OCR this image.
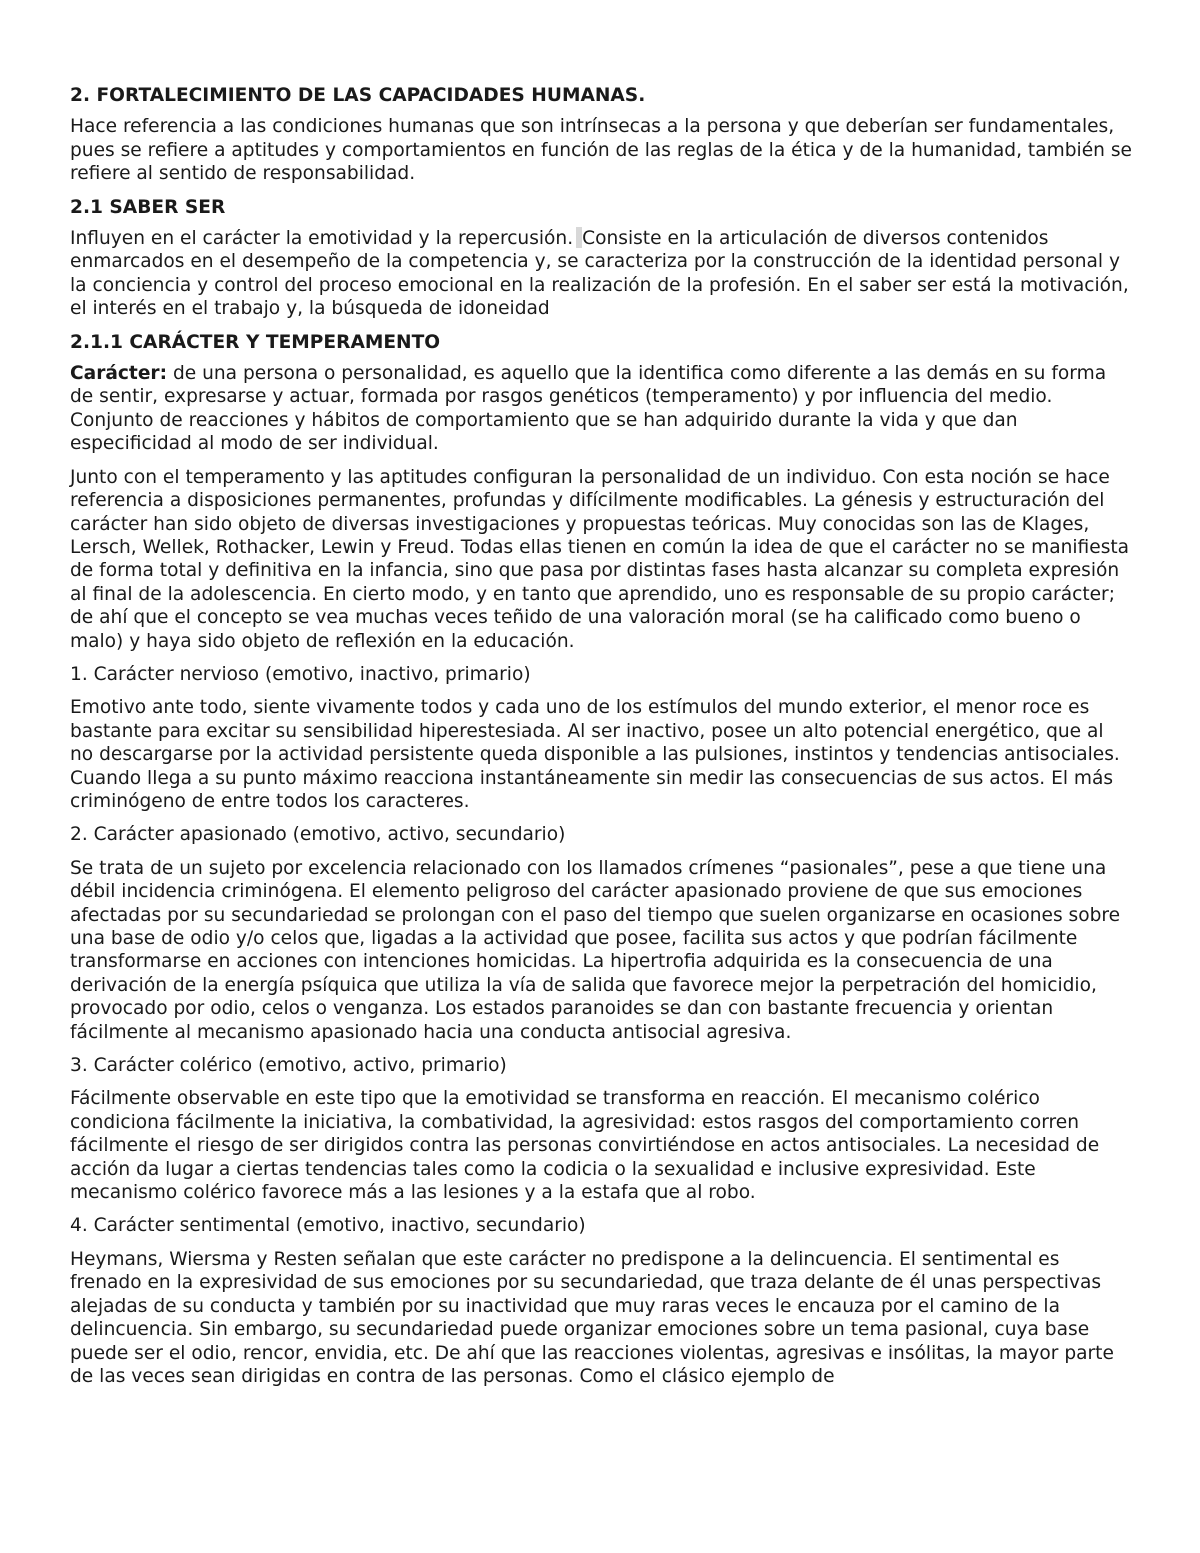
2. FORTALECIMIENTO DE LAS CAPACIDADES HUMANAS.
Hace referencia a las condiciones humanas que son intrínsecas a la persona y que deberían ser fundamentales, pues se refiere a aptitudes y comportamientos en función de las reglas de la ética y de la humanidad, también se refiere al sentido de responsabilidad.
2.1 SABER SER
Influyen en el carácter la emotividad y la repercusión. Consiste en la articulación de diversos contenidos enmarcados en el desempeño de la competencia y, se caracteriza por la construcción de la identidad personal y la conciencia y control del proceso emocional en la realización de la profesión. En el saber ser está la motivación, el interés en el trabajo y, la búsqueda de idoneidad
2.1.1 CARÁCTER Y TEMPERAMENTO
Carácter: de una persona o personalidad, es aquello que la identifica como diferente a las demás en su forma de sentir, expresarse y actuar, formada por rasgos genéticos (temperamento) y por influencia del medio. Conjunto de reacciones y hábitos de comportamiento que se han adquirido durante la vida y que dan especificidad al modo de ser individual.
Junto con el temperamento y las aptitudes configuran la personalidad de un individuo. Con esta noción se hace referencia a disposiciones permanentes, profundas y difícilmente modificables. La génesis y estructuración del carácter han sido objeto de diversas investigaciones y propuestas teóricas. Muy conocidas son las de Klages, Lersch, Wellek, Rothacker, Lewin y Freud. Todas ellas tienen en común la idea de que el carácter no se manifiesta de forma total y definitiva en la infancia, sino que pasa por distintas fases hasta alcanzar su completa expresión al final de la adolescencia. En cierto modo, y en tanto que aprendido, uno es responsable de su propio carácter; de ahí que el concepto se vea muchas veces teñido de una valoración moral (se ha calificado como bueno o malo) y haya sido objeto de reflexión en la educación.
1. Carácter nervioso (emotivo, inactivo, primario)
Emotivo ante todo, siente vivamente todos y cada uno de los estímulos del mundo exterior, el menor roce es bastante para excitar su sensibilidad hiperestesiada. Al ser inactivo, posee un alto potencial energético, que al no descargarse por la actividad persistente queda disponible a las pulsiones, instintos y tendencias antisociales. Cuando llega a su punto máximo reacciona instantáneamente sin medir las consecuencias de sus actos. El más criminógeno de entre todos los caracteres.
2. Carácter apasionado (emotivo, activo, secundario)
Se trata de un sujeto por excelencia relacionado con los llamados crímenes “pasionales”, pese a que tiene una débil incidencia criminógena. El elemento peligroso del carácter apasionado proviene de que sus emociones afectadas por su secundariedad se prolongan con el paso del tiempo que suelen organizarse en ocasiones sobre una base de odio y/o celos que, ligadas a la actividad que posee, facilita sus actos y que podrían fácilmente transformarse en acciones con intenciones homicidas. La hipertrofia adquirida es la consecuencia de una derivación de la energía psíquica que utiliza la vía de salida que favorece mejor la perpetración del homicidio, provocado por odio, celos o venganza. Los estados paranoides se dan con bastante frecuencia y orientan fácilmente al mecanismo apasionado hacia una conducta antisocial agresiva.
3. Carácter colérico (emotivo, activo, primario)
Fácilmente observable en este tipo que la emotividad se transforma en reacción. El mecanismo colérico condiciona fácilmente la iniciativa, la combatividad, la agresividad: estos rasgos del comportamiento corren fácilmente el riesgo de ser dirigidos contra las personas convirtiéndose en actos antisociales. La necesidad de acción da lugar a ciertas tendencias tales como la codicia o la sexualidad e inclusive expresividad. Este mecanismo colérico favorece más a las lesiones y a la estafa que al robo.
4. Carácter sentimental (emotivo, inactivo, secundario)
Heymans, Wiersma y Resten señalan que este carácter no predispone a la delincuencia. El sentimental es frenado en la expresividad de sus emociones por su secundariedad, que traza delante de él unas perspectivas alejadas de su conducta y también por su inactividad que muy raras veces le encauza por el camino de la delincuencia. Sin embargo, su secundariedad puede organizar emociones sobre un tema pasional, cuya base puede ser el odio, rencor, envidia, etc. De ahí que las reacciones violentas, agresivas e insólitas, la mayor parte de las veces sean dirigidas en contra de las personas. Como el clásico ejemplo de
